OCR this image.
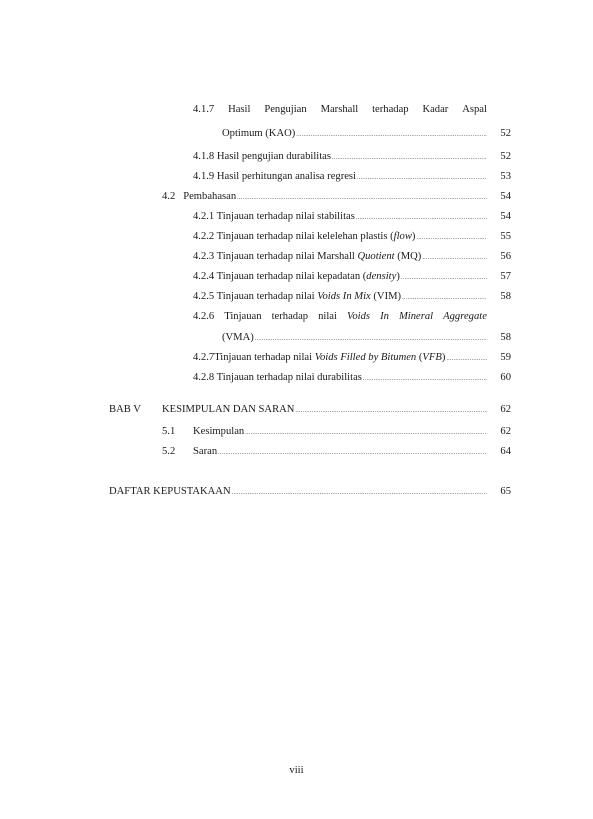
4.1.7 Hasil Pengujian Marshall terhadap Kadar Aspal
Optimum (KAO) . . .	52
4.1.8 Hasil pengujian durabilitas . . .	52
4.1.9 Hasil perhitungan analisa regresi . . .	53
4.2 Pembahasan . . .	54
4.2.1 Tinjauan terhadap nilai stabilitas . . .	54
4.2.2 Tinjauan terhadap nilai kelelehan plastis (flow) . . .	55
4.2.3 Tinjauan terhadap nilai Marshall Quotient (MQ) . . .	56
4.2.4 Tinjauan terhadap nilai kepadatan (density) . . .	57
4.2.5 Tinjauan terhadap nilai Voids In Mix (VIM) . . .	58
4.2.6 Tinjauan terhadap nilai Voids In Mineral Aggregate
(VMA) . . .	58
4.2.7Tinjauan terhadap nilai Voids Filled by Bitumen (VFB) . . .	59
4.2.8 Tinjauan terhadap nilai durabilitas . . .	60
BAB V KESIMPULAN DAN SARAN . . .	62
5.1 Kesimpulan . . .	62
5.2 Saran . . .	64
DAFTAR KEPUSTAKAAN . . .	65
viii
